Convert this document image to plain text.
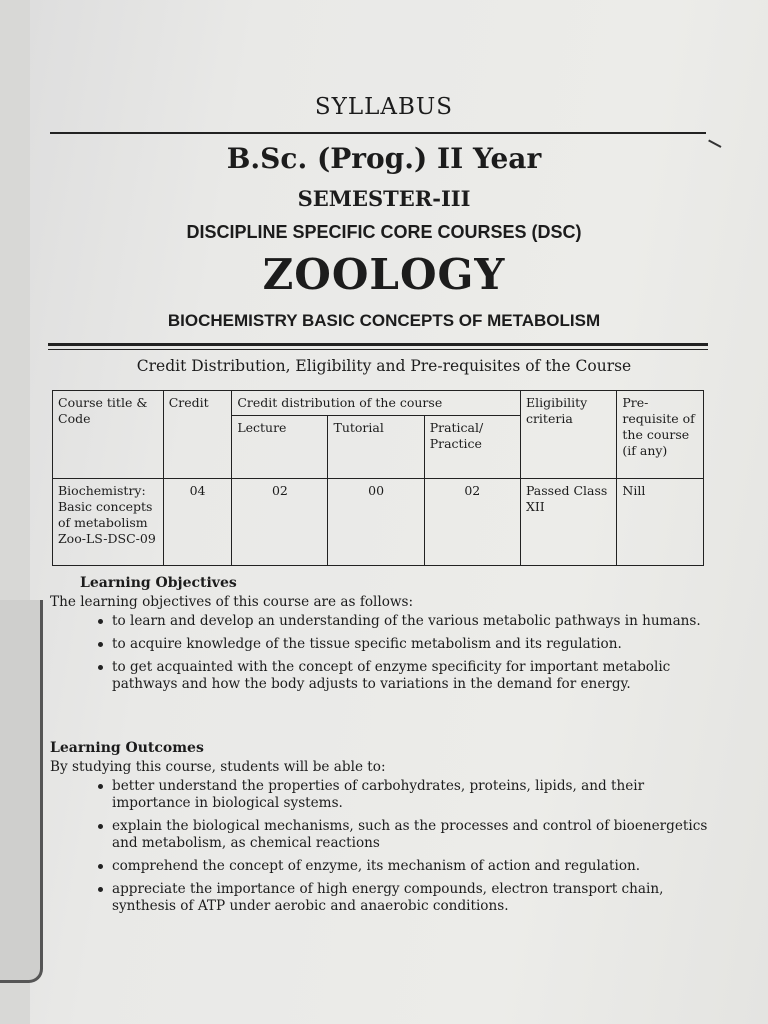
SYLLABUS
B.Sc. (Prog.) II Year
SEMESTER-III
DISCIPLINE SPECIFIC CORE COURSES (DSC)
ZOOLOGY
BIOCHEMISTRY BASIC CONCEPTS OF METABOLISM
Credit Distribution, Eligibility and Pre-requisites of the Course
Course title & Code	Credit	Credit distribution of the course			Eligibility criteria	Pre-requisite of the course (if any)
		Lecture	Tutorial	Pratical/ Practice		
Biochemistry: Basic concepts of metabolism Zoo-LS-DSC-09	04	02	00	02	Passed Class XII	Nill
Learning Objectives
The learning objectives of this course are as follows:
to learn and develop an understanding of the various metabolic pathways in humans.
to acquire knowledge of the tissue specific metabolism and its regulation.
to get acquainted with the concept of enzyme specificity for important metabolic pathways and how the body adjusts to variations in the demand for energy.
Learning Outcomes
By studying this course, students will be able to:
better understand the properties of carbohydrates, proteins, lipids, and their importance in biological systems.
explain the biological mechanisms, such as the processes and control of bioenergetics and metabolism, as chemical reactions
comprehend the concept of enzyme, its mechanism of action and regulation.
appreciate the importance of high energy compounds, electron transport chain, synthesis of ATP under aerobic and anaerobic conditions.
